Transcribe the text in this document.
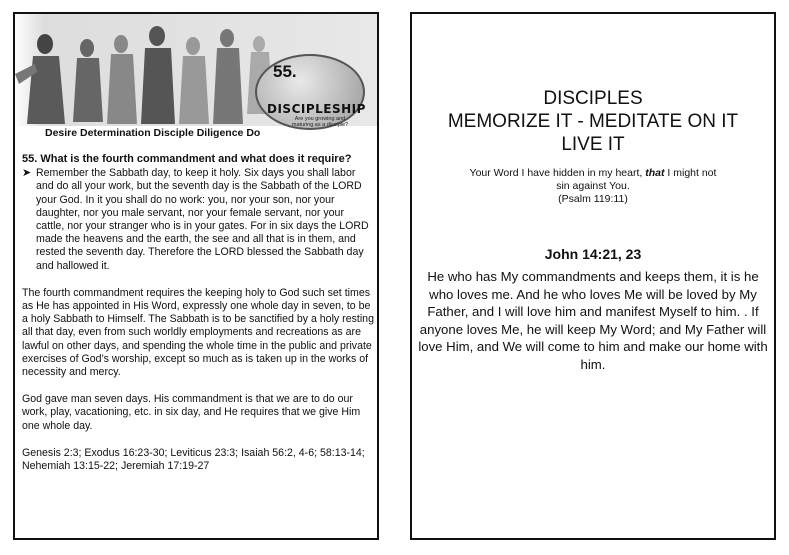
55.
DISCIPLESHIP
Are you growing and maturing as a disciple?
Desire Determination Disciple Diligence Do

55. What is the fourth commandment and what does it require?

➤ Remember the Sabbath day, to keep it holy. Six days you shall labor and do all your work, but the seventh day is the Sabbath of the LORD your God. In it you shall do no work: you, nor your son, nor your daughter, nor you male servant, nor your female servant, nor your cattle, nor your stranger who is in your gates. For in six days the LORD made the heavens and the earth, the see and all that is in them, and rested the seventh day. Therefore the LORD blessed the Sabbath day and hallowed it.

The fourth commandment requires the keeping holy to God such set times as He has appointed in His Word, expressly one whole day in seven, to be a holy Sabbath to Himself. The Sabbath is to be sanctified by a holy resting all that day, even from such worldly employments and recreations as are lawful on other days, and spending the whole time in the public and private exercises of God’s worship, except so much as is taken up in the works of necessity and mercy.

God gave man seven days. His commandment is that we are to do our work, play, vacationing, etc. in six day, and He requires that we give Him one whole day.

Genesis 2:3; Exodus 16:23-30; Leviticus 23:3; Isaiah 56:2, 4-6; 58:13-14; Nehemiah 13:15-22; Jeremiah 17:19-27

DISCIPLES
MEMORIZE IT - MEDITATE ON IT
LIVE IT
Your Word I have hidden in my heart, that I might not
sin against You.
(Psalm 119:11)
John 14:21, 23
He who has My commandments and keeps them, it is he who loves me. And he who loves Me will be loved by My Father, and I will love him and manifest Myself to him. . If anyone loves Me, he will keep My Word; and My Father will love Him, and We will come to him and make our home with him.
